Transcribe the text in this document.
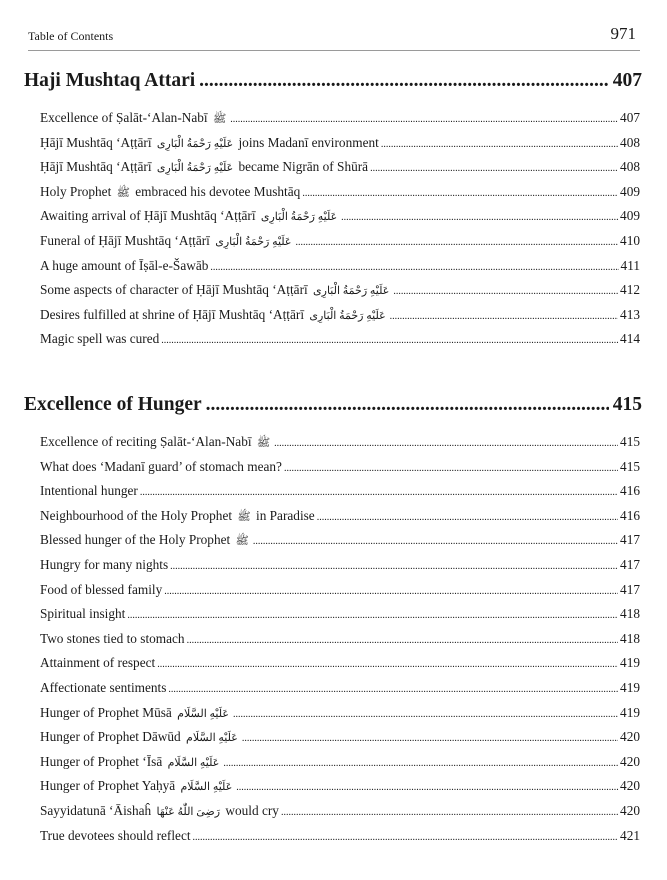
Table of Contents	971
Haji Mushtaq Attari .....	407
Excellence of Ṣalāt-‘Alan-Nabī ﷺ .....	407
Ḥājī Mushtāq ‘Aṭṭārī عَلَیْهِ رَحْمَةُ الْبَارِی joins Madanī environment .....	408
Ḥājī Mushtāq ‘Aṭṭārī عَلَیْهِ رَحْمَةُ الْبَارِی became Nigrān of Shūrā .....	408
Holy Prophet ﷺ embraced his devotee Mushtāq .....	409
Awaiting arrival of Ḥājī Mushtāq ‘Aṭṭārī عَلَیْهِ رَحْمَةُ الْبَارِی .....	409
Funeral of Ḥājī Mushtāq ‘Aṭṭārī عَلَیْهِ رَحْمَةُ الْبَارِی .....	410
A huge amount of Īṣāl-e-Šawāb .....	411
Some aspects of character of Ḥājī Mushtāq ‘Aṭṭārī عَلَیْهِ رَحْمَةُ الْبَارِی .....	412
Desires fulfilled at shrine of Ḥājī Mushtāq ‘Aṭṭārī عَلَیْهِ رَحْمَةُ الْبَارِی .....	413
Magic spell was cured .....	414
Excellence of Hunger .....	415
Excellence of reciting Ṣalāt-‘Alan-Nabī ﷺ .....	415
What does ‘Madanī guard’ of stomach mean? .....	415
Intentional hunger .....	416
Neighbourhood of the Holy Prophet ﷺ in Paradise .....	416
Blessed hunger of the Holy Prophet ﷺ .....	417
Hungry for many nights .....	417
Food of blessed family .....	417
Spiritual insight .....	418
Two stones tied to stomach .....	418
Attainment of respect .....	419
Affectionate sentiments .....	419
Hunger of Prophet Mūsā عَلَیْهِ السَّلَام .....	419
Hunger of Prophet Dāwūd عَلَیْهِ السَّلَام .....	420
Hunger of Prophet ‘Īsā عَلَیْهِ السَّلَام .....	420
Hunger of Prophet Yaḥyā عَلَیْهِ السَّلَام .....	420
Sayyidatunā ‘Āishaĥ رَضِیَ اللّٰهُ عَنْهَا would cry .....	420
True devotees should reflect .....	421
